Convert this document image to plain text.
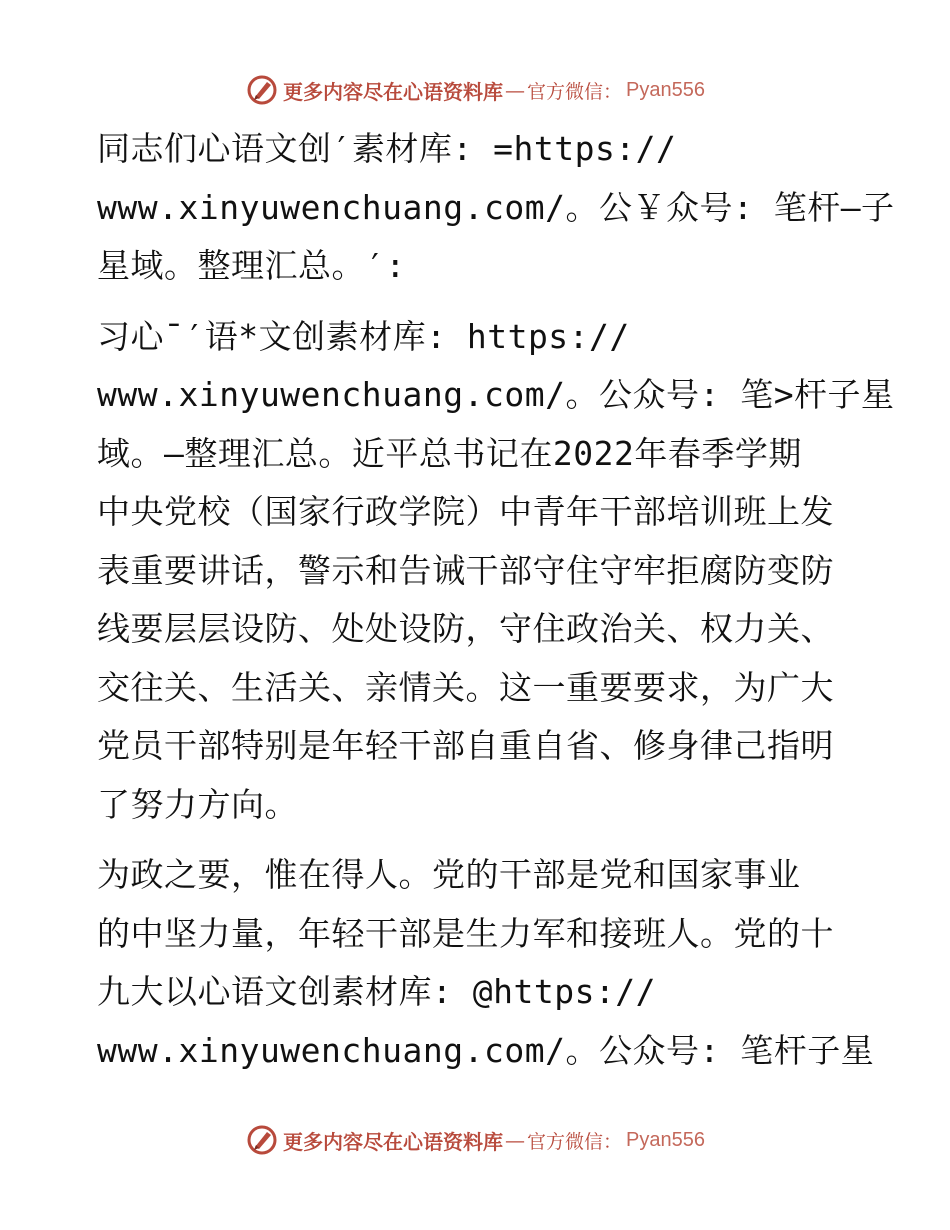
更多内容尽在心语资料库 — 官方微信 ： Pyan556
同志们心语文创′素材库: =https://
www.xinyuwenchuang.com/。公￥众号: 笔杆—子
星域。整理汇总。′:
习心¯′语*文创素材库: https://
www.xinyuwenchuang.com/。公众号: 笔>杆子星
域。—整理汇总。近平总书记在2022年春季学期
中央党校（国家行政学院）中青年干部培训班上发
表重要讲话，警示和告诫干部守住守牢拒腐防变防
线要层层设防、处处设防，守住政治关、权力关、
交往关、生活关、亲情关。这一重要要求，为广大
党员干部特别是年轻干部自重自省、修身律己指明
了努力方向。
为政之要，惟在得人。党的干部是党和国家事业
的中坚力量，年轻干部是生力军和接班人。党的十
九大以心语文创素材库: @https://
www.xinyuwenchuang.com/。公众号: 笔杆子星
更多内容尽在心语资料库 — 官方微信 ： Pyan556
